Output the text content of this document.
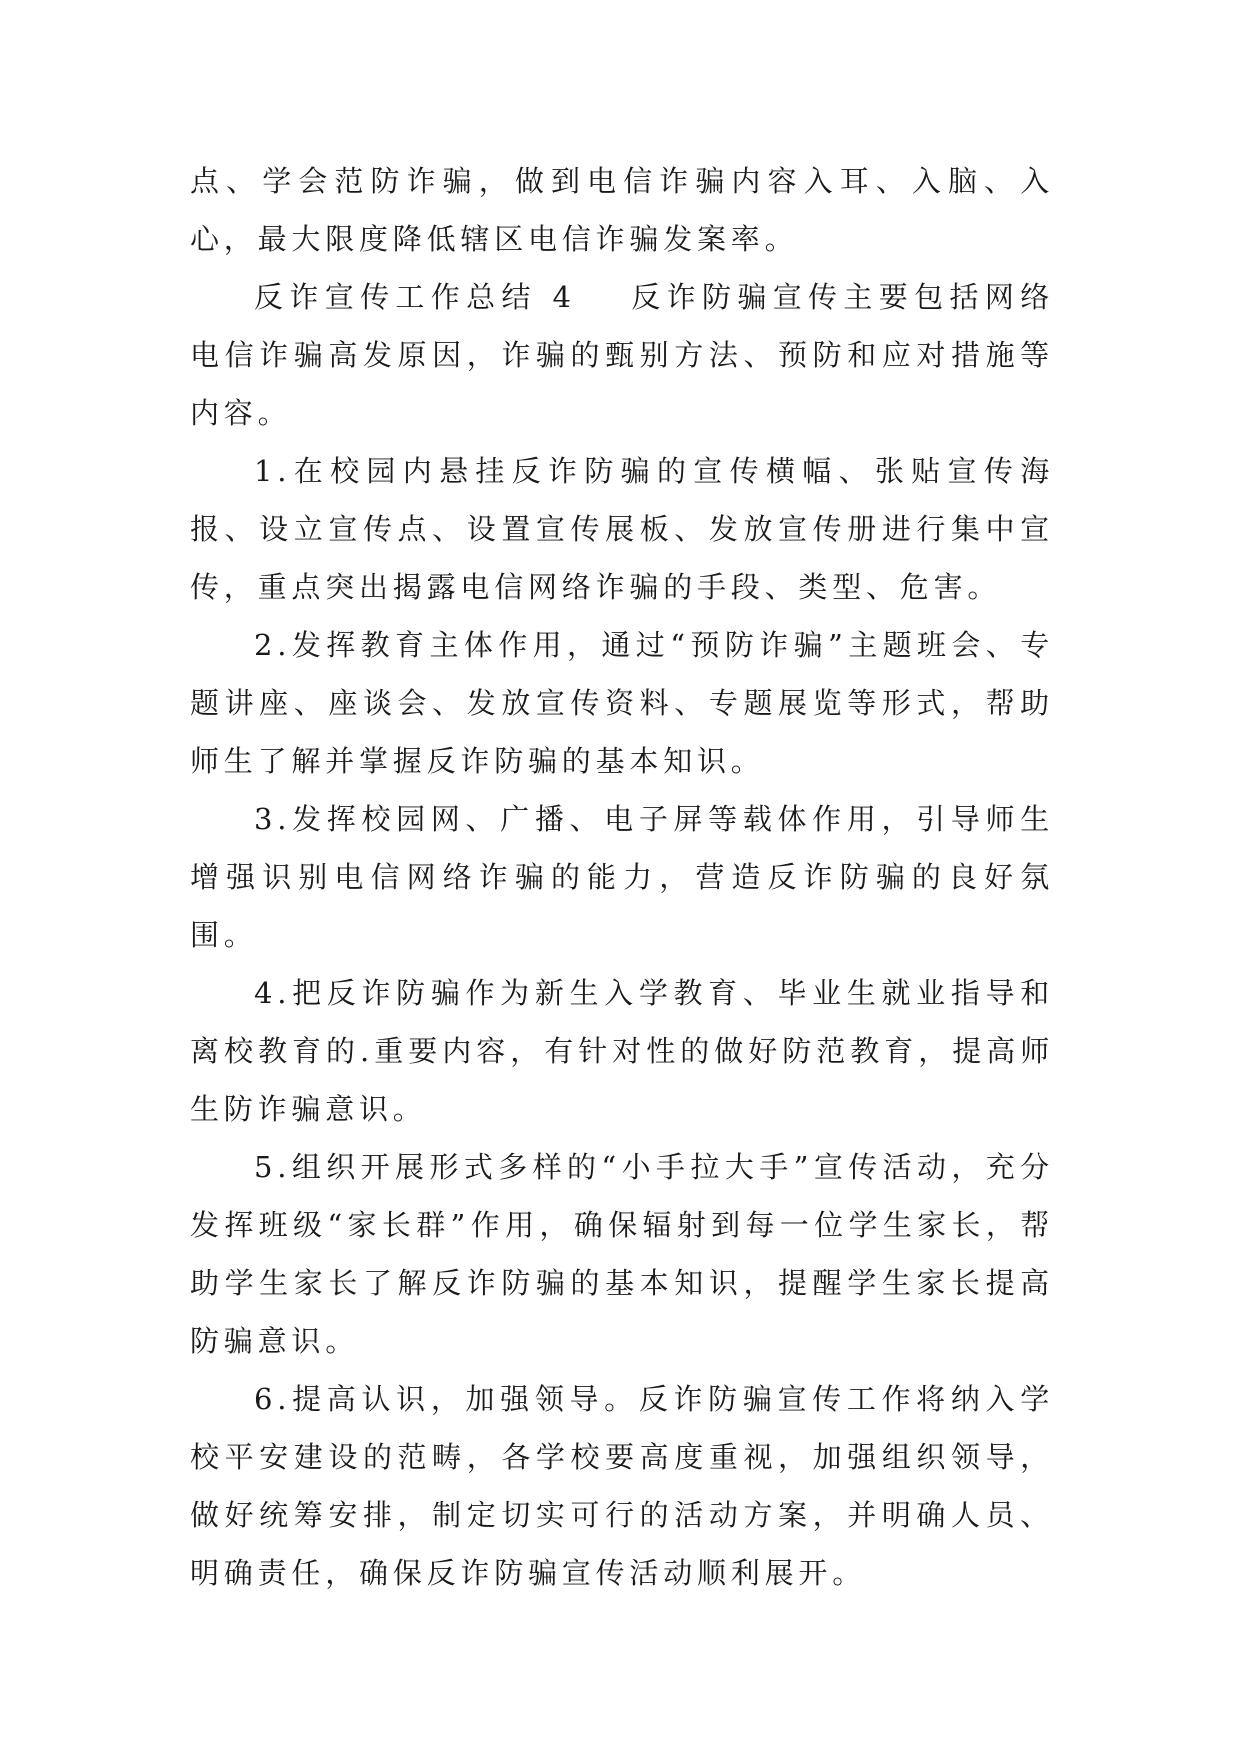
点、学会范防诈骗，做到电信诈骗内容入耳、入脑、入心，最大限度降低辖区电信诈骗发案率。

反诈宣传工作总结 4 反诈防骗宣传主要包括网络电信诈骗高发原因，诈骗的甄别方法、预防和应对措施等内容。

1.在校园内悬挂反诈防骗的宣传横幅、张贴宣传海报、设立宣传点、设置宣传展板、发放宣传册进行集中宣传，重点突出揭露电信网络诈骗的手段、类型、危害。

2.发挥教育主体作用，通过“预防诈骗”主题班会、专题讲座、座谈会、发放宣传资料、专题展览等形式，帮助师生了解并掌握反诈防骗的基本知识。

3.发挥校园网、广播、电子屏等载体作用，引导师生增强识别电信网络诈骗的能力，营造反诈防骗的良好氛围。

4.把反诈防骗作为新生入学教育、毕业生就业指导和离校教育的.重要内容，有针对性的做好防范教育，提高师生防诈骗意识。

5.组织开展形式多样的“小手拉大手”宣传活动，充分发挥班级“家长群”作用，确保辐射到每一位学生家长，帮助学生家长了解反诈防骗的基本知识，提醒学生家长提高防骗意识。

6.提高认识，加强领导。反诈防骗宣传工作将纳入学校平安建设的范畴，各学校要高度重视，加强组织领导，做好统筹安排，制定切实可行的活动方案，并明确人员、明确责任，确保反诈防骗宣传活动顺利展开。
